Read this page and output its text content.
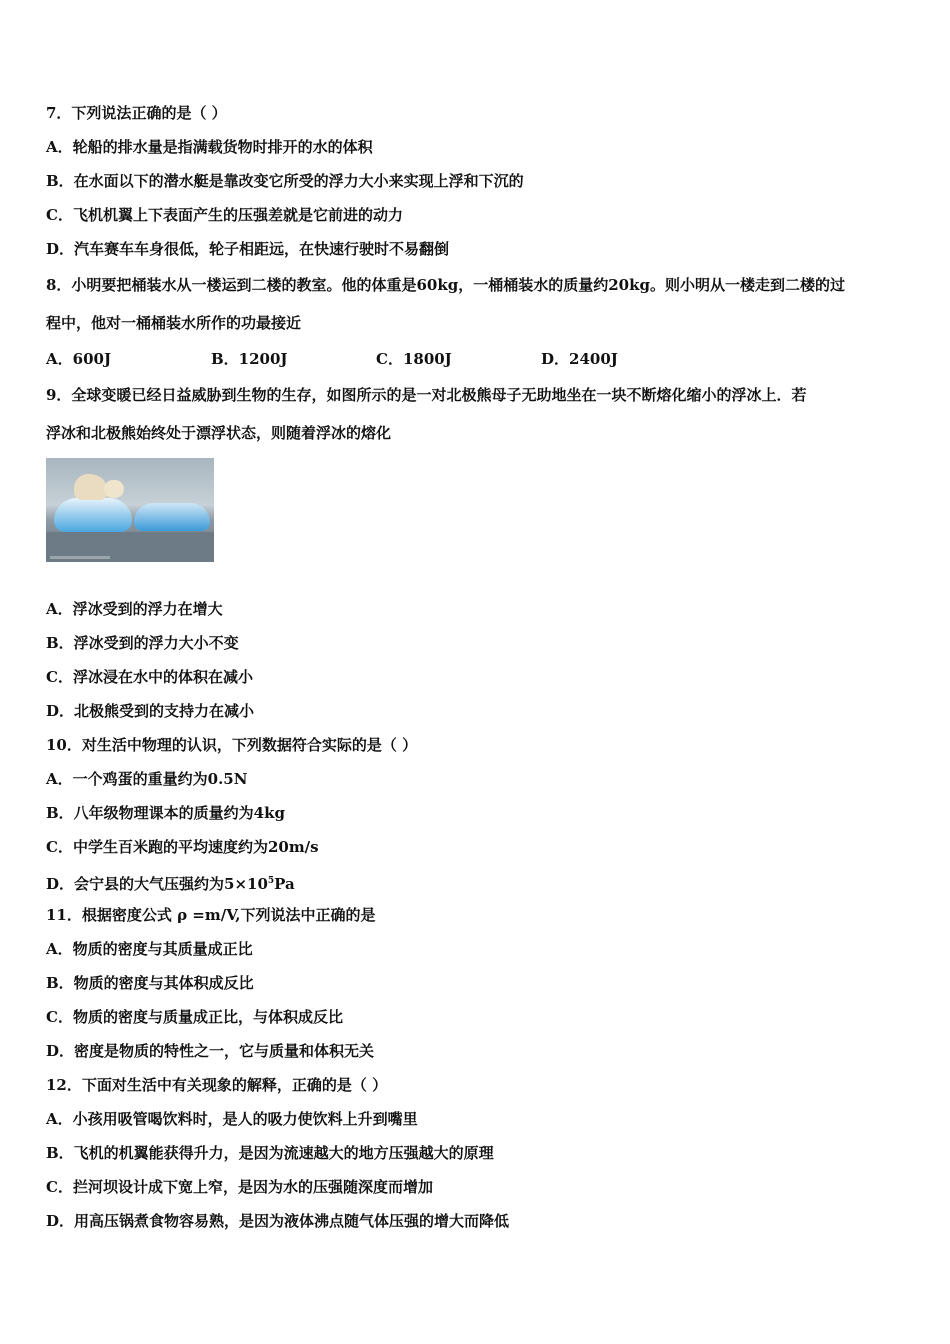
7．下列说法正确的是（ ）
A．轮船的排水量是指满载货物时排开的水的体积
B．在水面以下的潜水艇是靠改变它所受的浮力大小来实现上浮和下沉的
C．飞机机翼上下表面产生的压强差就是它前进的动力
D．汽车赛车车身很低，轮子相距远，在快速行驶时不易翻倒
8．小明要把桶装水从一楼运到二楼的教室。他的体重是60kg，一桶桶装水的质量约20kg。则小明从一楼走到二楼的过
程中，他对一桶桶装水所作的功最接近
A．600J	B．1200J	C．1800J	D．2400J
9．全球变暖已经日益威胁到生物的生存，如图所示的是一对北极熊母子无助地坐在一块不断熔化缩小的浮冰上．若
浮冰和北极熊始终处于漂浮状态，则随着浮冰的熔化
A．浮冰受到的浮力在增大
B．浮冰受到的浮力大小不变
C．浮冰浸在水中的体积在减小
D．北极熊受到的支持力在减小
10．对生活中物理的认识，下列数据符合实际的是（ ）
A．一个鸡蛋的重量约为0.5N
B．八年级物理课本的质量约为4kg
C．中学生百米跑的平均速度约为20m/s
D．会宁县的大气压强约为$5\times 10^5Pa$
11．根据密度公式 ρ =m/V,下列说法中正确的是
A．物质的密度与其质量成正比
B．物质的密度与其体积成反比
C．物质的密度与质量成正比，与体积成反比
D．密度是物质的特性之一，它与质量和体积无关
12．下面对生活中有关现象的解释，正确的是（ ）
A．小孩用吸管喝饮料时，是人的吸力使饮料上升到嘴里
B．飞机的机翼能获得升力，是因为流速越大的地方压强越大的原理
C．拦河坝设计成下宽上窄，是因为水的压强随深度而增加
D．用高压锅煮食物容易熟，是因为液体沸点随气体压强的增大而降低
